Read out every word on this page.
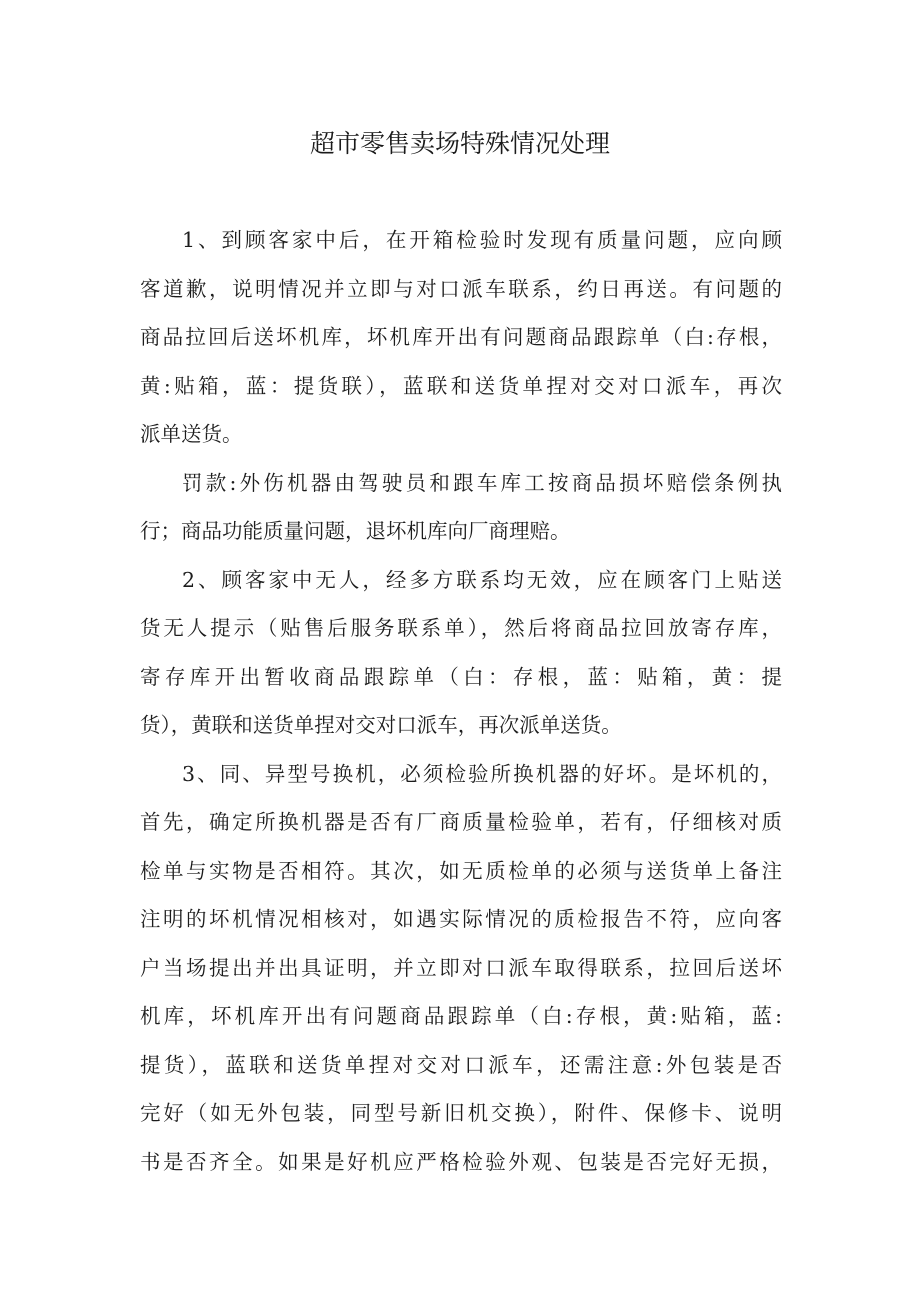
超市零售卖场特殊情况处理
1、到顾客家中后，在开箱检验时发现有质量问题，应向顾
客道歉，说明情况并立即与对口派车联系，约日再送。有问题的
商品拉回后送坏机库，坏机库开出有问题商品跟踪单（白:存根，
黄:贴箱，蓝：提货联），蓝联和送货单捏对交对口派车，再次
派单送货。
罚款:外伤机器由驾驶员和跟车库工按商品损坏赔偿条例执
行；商品功能质量问题，退坏机库向厂商理赔。
2、顾客家中无人，经多方联系均无效，应在顾客门上贴送
货无人提示（贴售后服务联系单），然后将商品拉回放寄存库，
寄存库开出暂收商品跟踪单（白：存根，蓝：贴箱，黄：提
货），黄联和送货单捏对交对口派车，再次派单送货。
3、同、异型号换机，必须检验所换机器的好坏。是坏机的，
首先，确定所换机器是否有厂商质量检验单，若有，仔细核对质
检单与实物是否相符。其次，如无质检单的必须与送货单上备注
注明的坏机情况相核对，如遇实际情况的质检报告不符，应向客
户当场提出并出具证明，并立即对口派车取得联系，拉回后送坏
机库，坏机库开出有问题商品跟踪单（白:存根，黄:贴箱，蓝:
提货），蓝联和送货单捏对交对口派车，还需注意:外包装是否
完好（如无外包装，同型号新旧机交换），附件、保修卡、说明
书是否齐全。如果是好机应严格检验外观、包装是否完好无损，
